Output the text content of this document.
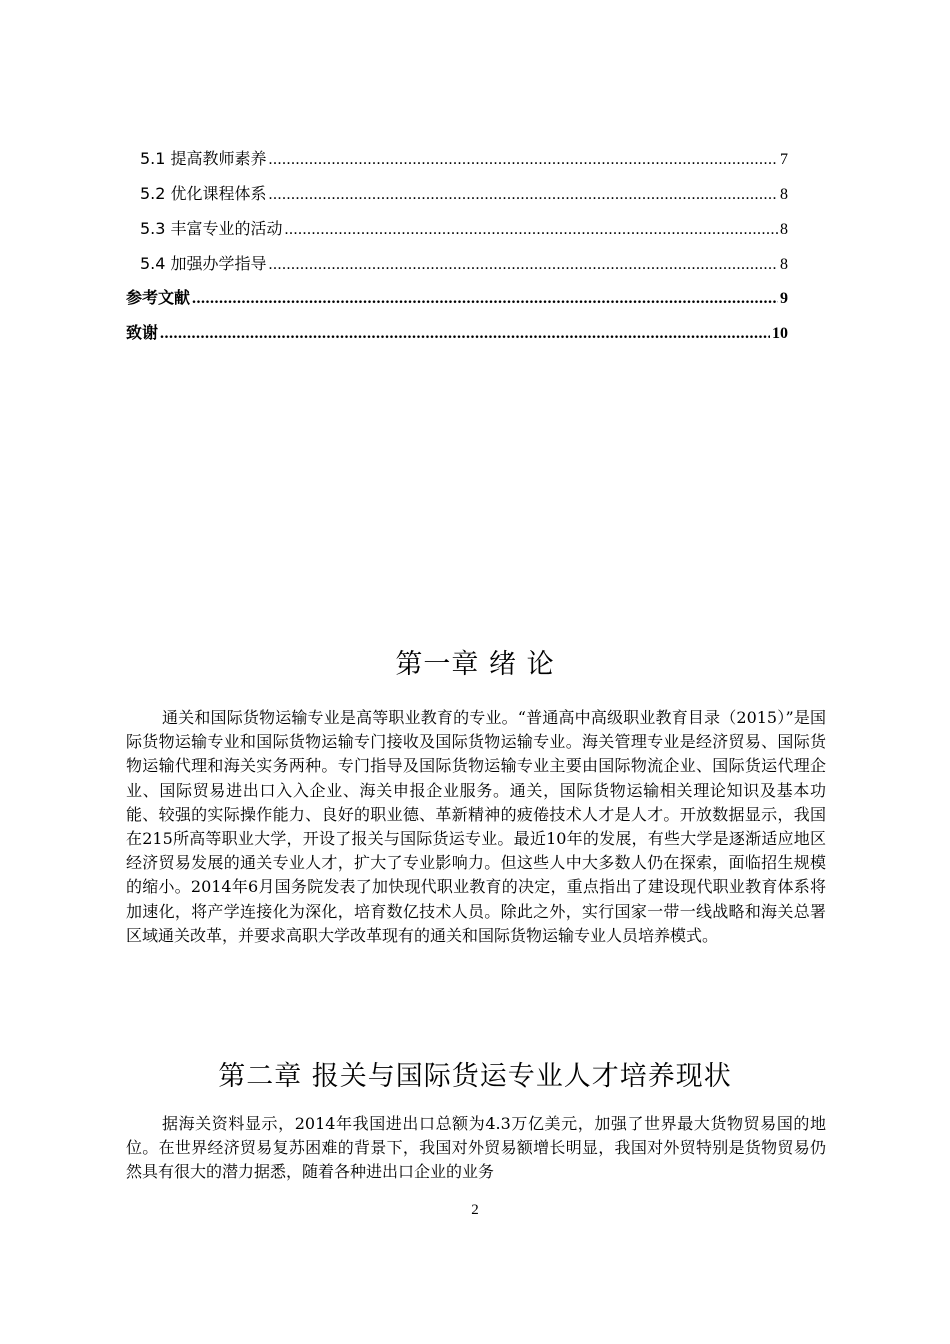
5.1 提高教师素养 .....	7
5.2 优化课程体系 .....	8
5.3 丰富专业的活动 .....	8
5.4 加强办学指导 .....	8
参考文献 .....	9
致谢 .....	10
第一章 绪 论

通关和国际货物运输专业是高等职业教育的专业。“普通高中高级职业教育目录（2015）”是国际货物运输专业和国际货物运输专门接收及国际货物运输专业。海关管理专业是经济贸易、国际货物运输代理和海关实务两种。专门指导及国际货物运输专业主要由国际物流企业、国际货运代理企业、国际贸易进出口入入企业、海关申报企业服务。通关，国际货物运输相关理论知识及基本功能、较强的实际操作能力、良好的职业德、革新精神的疲倦技术人才是人才。开放数据显示，我国在215所高等职业大学，开设了报关与国际货运专业。最近10年的发展，有些大学是逐渐适应地区经济贸易发展的通关专业人才，扩大了专业影响力。但这些人中大多数人仍在探索，面临招生规模的缩小。2014年6月国务院发表了加快现代职业教育的决定，重点指出了建设现代职业教育体系将加速化，将产学连接化为深化，培育数亿技术人员。除此之外，实行国家一带一线战略和海关总署区域通关改革，并要求高职大学改革现有的通关和国际货物运输专业人员培养模式。

第二章 报关与国际货运专业人才培养现状

据海关资料显示，2014年我国进出口总额为4.3万亿美元，加强了世界最大货物贸易国的地位。在世界经济贸易复苏困难的背景下，我国对外贸易额增长明显，我国对外贸特别是货物贸易仍然具有很大的潜力据悉，随着各种进出口企业的业务

2
